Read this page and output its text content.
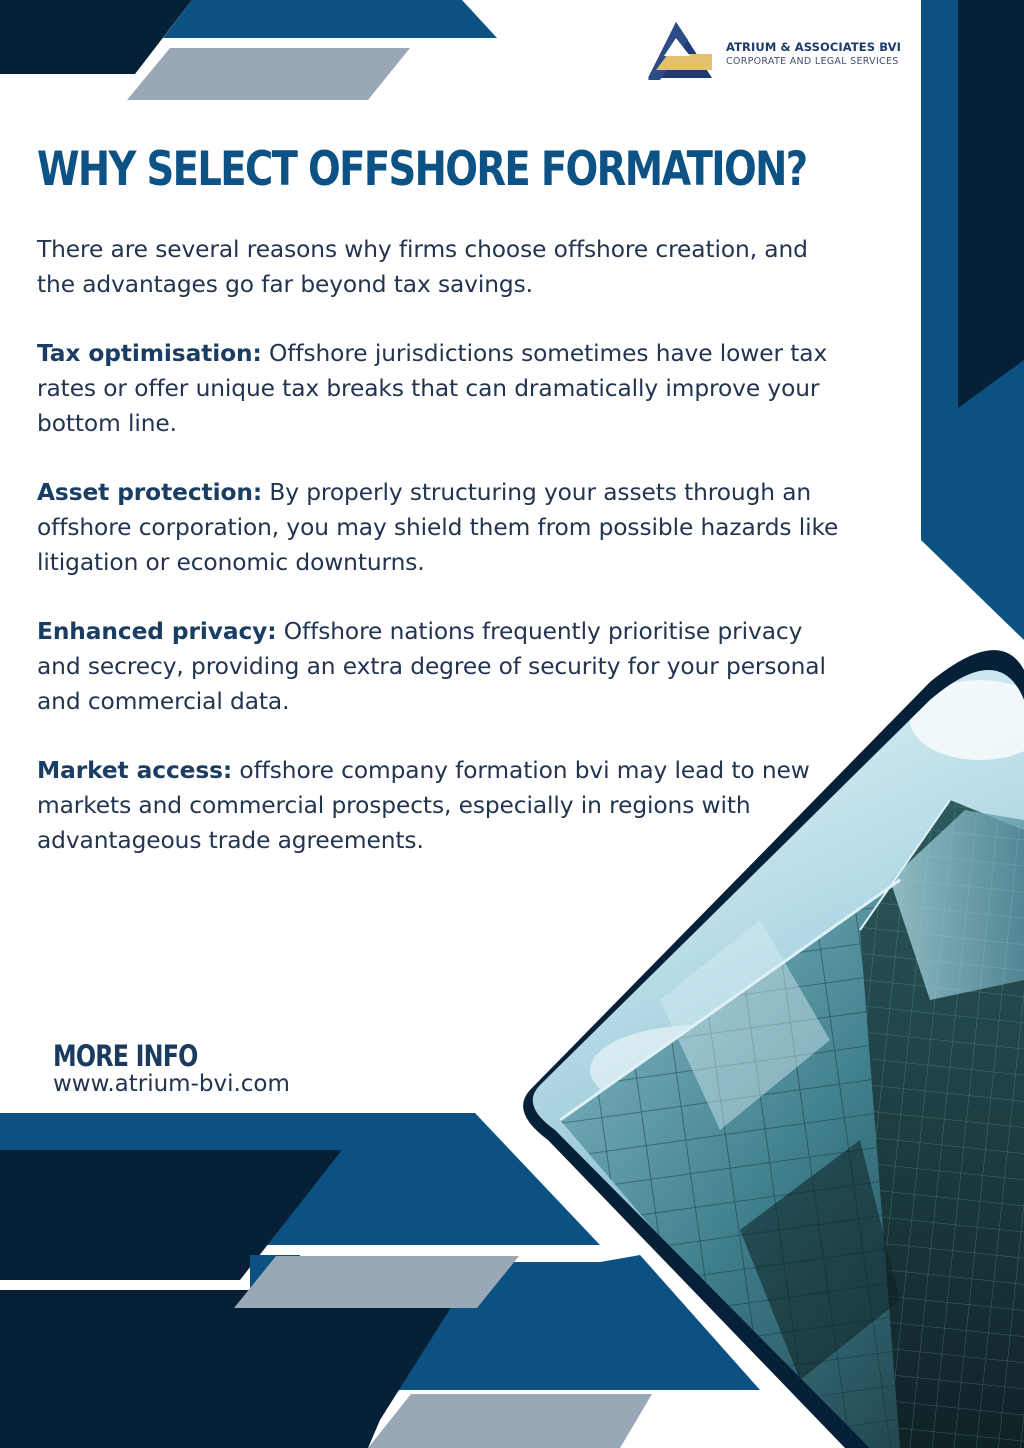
ATRIUM & ASSOCIATES BVI
CORPORATE AND LEGAL SERVICES
WHY SELECT OFFSHORE FORMATION?

There are several reasons why firms choose offshore creation, and the advantages go far beyond tax savings.

Tax optimisation: Offshore jurisdictions sometimes have lower tax rates or offer unique tax breaks that can dramatically improve your bottom line.

Asset protection: By properly structuring your assets through an offshore corporation, you may shield them from possible hazards like litigation or economic downturns.

Enhanced privacy: Offshore nations frequently prioritise privacy and secrecy, providing an extra degree of security for your personal and commercial data.

Market access: offshore company formation bvi may lead to new markets and commercial prospects, especially in regions with advantageous trade agreements.

MORE INFO
www.atrium-bvi.com
